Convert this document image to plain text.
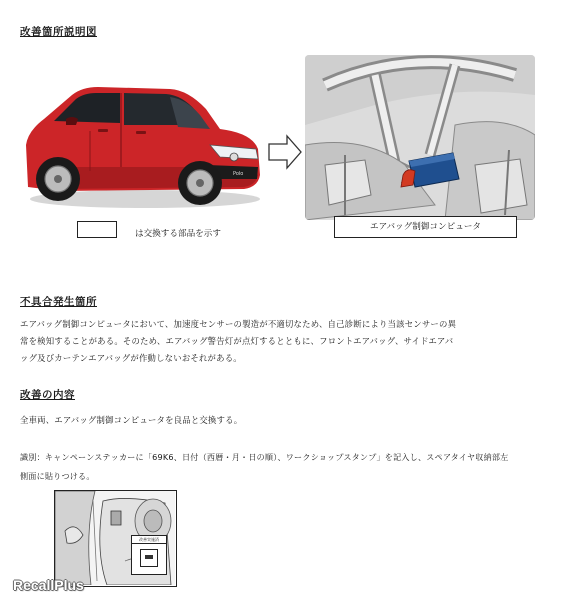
改善箇所説明図
Polo
は交換する部品を示す
エアバッグ制御コンピュータ
不具合発生箇所
エアバッグ制御コンピュータにおいて、加速度センサーの製造が不適切なため、自己診断により当該センサーの異
常を検知することがある。そのため、エアバッグ警告灯が点灯するとともに、フロントエアバッグ、サイドエアバ
ッグ及びカーテンエアバッグが作動しないおそれがある。
改善の内容
全車両、エアバッグ制御コンピュータを良品と交換する。
識別：キャンペーンステッカーに「69K6、日付（西暦・月・日の順）、ワークショップスタンプ」を記入し、スペアタイヤ収納部左
側面に貼りつける。
改善実施済
RecallPlus
